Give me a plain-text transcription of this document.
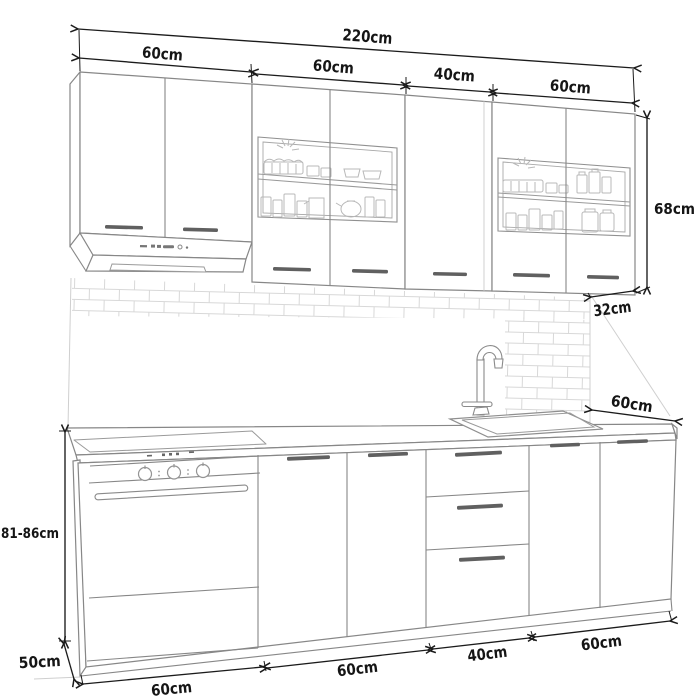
220cm
60cm
60cm	40cm
60cm
68cm
32cm
60cm
81-86cm
50cm
60cm
60cm
40cm	60cm
